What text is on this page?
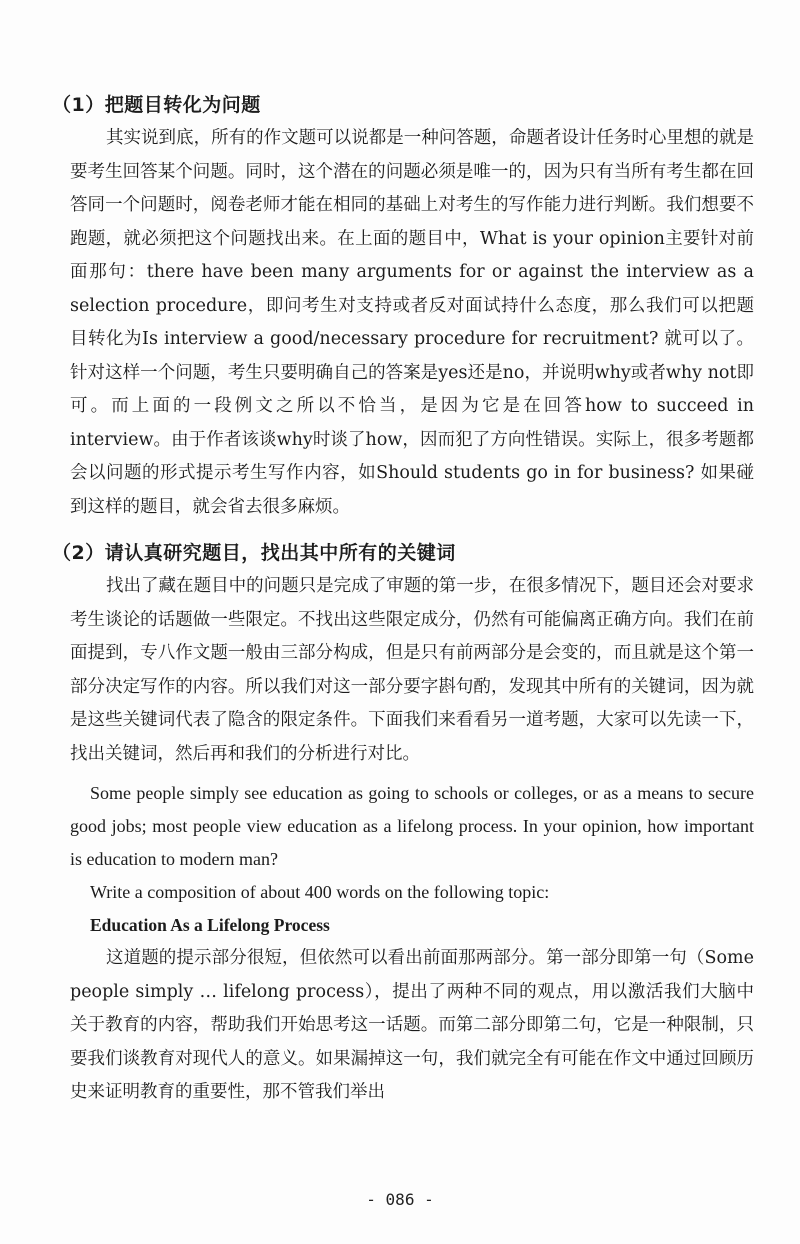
（1）把题目转化为问题

其实说到底，所有的作文题可以说都是一种问答题，命题者设计任务时心里想的就是要考生回答某个问题。同时，这个潜在的问题必须是唯一的，因为只有当所有考生都在回答同一个问题时，阅卷老师才能在相同的基础上对考生的写作能力进行判断。我们想要不跑题，就必须把这个问题找出来。在上面的题目中，What is your opinion主要针对前面那句：there have been many arguments for or against the interview as a selection procedure，即问考生对支持或者反对面试持什么态度，那么我们可以把题目转化为Is interview a good/necessary procedure for recruitment? 就可以了。针对这样一个问题，考生只要明确自己的答案是yes还是no，并说明why或者why not即可。而上面的一段例文之所以不恰当，是因为它是在回答how to succeed in interview。由于作者该谈why时谈了how，因而犯了方向性错误。实际上，很多考题都会以问题的形式提示考生写作内容，如Should students go in for business? 如果碰到这样的题目，就会省去很多麻烦。

（2）请认真研究题目，找出其中所有的关键词

找出了藏在题目中的问题只是完成了审题的第一步，在很多情况下，题目还会对要求考生谈论的话题做一些限定。不找出这些限定成分，仍然有可能偏离正确方向。我们在前面提到，专八作文题一般由三部分构成，但是只有前两部分是会变的，而且就是这个第一部分决定写作的内容。所以我们对这一部分要字斟句酌，发现其中所有的关键词，因为就是这些关键词代表了隐含的限定条件。下面我们来看看另一道考题，大家可以先读一下，找出关键词，然后再和我们的分析进行对比。

Some people simply see education as going to schools or colleges, or as a means to secure good jobs; most people view education as a lifelong process. In your opinion, how important is education to modern man?

Write a composition of about 400 words on the following topic:

Education As a Lifelong Process

这道题的提示部分很短，但依然可以看出前面那两部分。第一部分即第一句（Some people simply … lifelong process），提出了两种不同的观点，用以激活我们大脑中关于教育的内容，帮助我们开始思考这一话题。而第二部分即第二句，它是一种限制，只要我们谈教育对现代人的意义。如果漏掉这一句，我们就完全有可能在作文中通过回顾历史来证明教育的重要性，那不管我们举出

- 086 -
